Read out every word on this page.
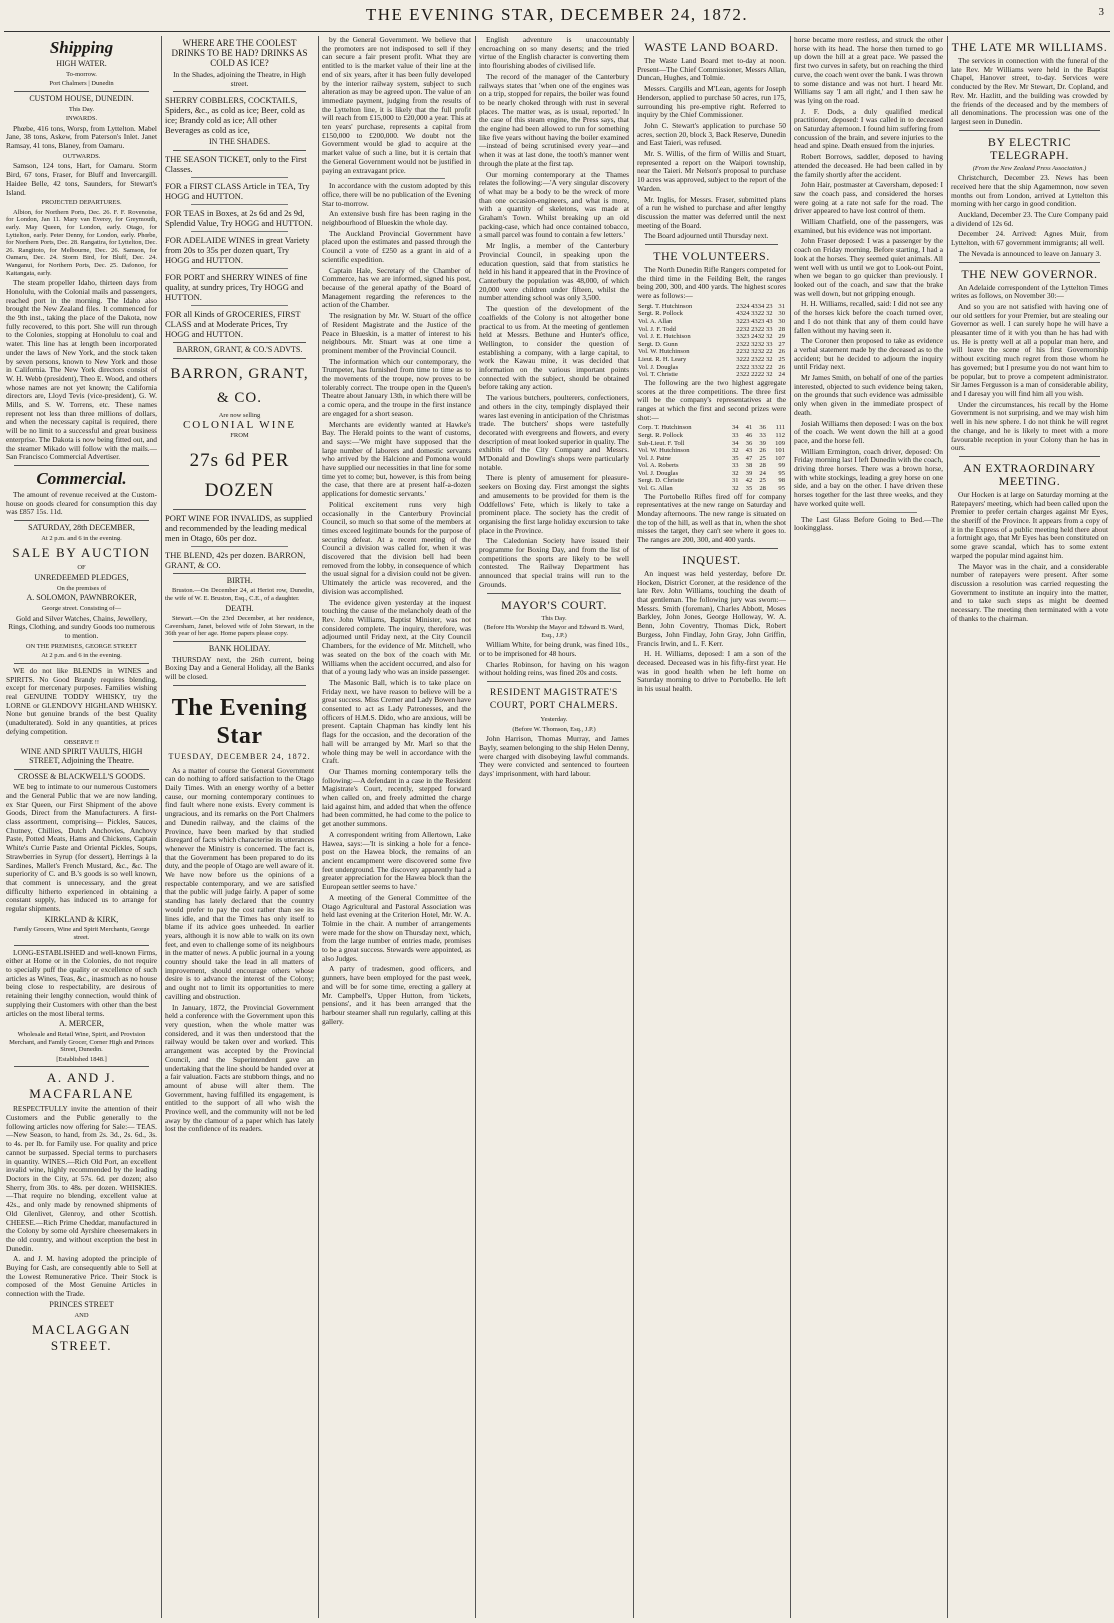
THE EVENING STAR, DECEMBER 24, 1872.	3
Shipping
HIGH WATER.
To-morrow.
Port Chalmers | Dunedin
CUSTOM HOUSE, DUNEDIN.
This Day.
INWARDS.

Phœbe, 416 tons, Worsp, from Lyttelton. Mabel Jane, 38 tons, Askew, from Paterson's Inlet. Janet Ramsay, 41 tons, Blaney, from Oamaru.

OUTWARDS.

Samson, 124 tons, Hart, for Oamaru. Storm Bird, 67 tons, Fraser, for Bluff and Invercargill. Haidee Belle, 42 tons, Saunders, for Stewart's Island.

PROJECTED DEPARTURES.

Albion, for Northern Ports, Dec. 26. F. F. Rovenoise, for London, Jan 11. Mary van Everey, for Greymouth, early. May Queen, for London, early. Otago, for Lyttelton, early. Peter Denny, for London, early. Phœbe, for Northern Ports, Dec. 28. Rangatira, for Lyttelton, Dec. 26. Rangitoto, for Melbourne, Dec. 26. Samson, for Oamaru, Dec. 24. Storm Bird, for Bluff, Dec. 24. Wanganui, for Northern Ports, Dec. 25. Dafonoo, for Kaitangata, early.

The steam propeller Idaho, thirteen days from Honolulu, with the Colonial mails and passengers, reached port in the morning. The Idaho also brought the New Zealand files. It commenced for the 9th inst., taking the place of the Dakota, now fully recovered, to this port. She will run through to the Colonies, stopping at Honolulu to coal and water. This line has at length been incorporated under the laws of New York, and the stock taken by seven persons, known to New York and those in California. The New York directors consist of W. H. Webb (president), Theo E. Wood, and others whose names are not yet known; the California directors are, Lloyd Tevis (vice-president), G. W. Mills, and S. W. Torrens, etc. These names represent not less than three millions of dollars, and when the necessary capital is required, there will be no limit to a successful and great business enterprise. The Dakota is now being fitted out, and the steamer Mikado will follow with the mails.—San Francisco Commercial Advertiser.

Commercial.

The amount of revenue received at the Custom-house on goods cleared for consumption this day was £857 15s. 11d.

SATURDAY, 28th DECEMBER,
At 2 p.m. and 6 in the evening.
SALE BY AUCTION
OF
UNREDEEMED PLEDGES,
On the premises of
A. SOLOMON, PAWNBROKER,
George street. Consisting of—

Gold and Silver Watches, Chains, Jewellery, Rings, Clothing, and sundry Goods too numerous to mention.

ON THE PREMISES, GEORGE STREET
At 2 p.m. and 6 in the evening.

WE do not like BLENDS in WINES and SPIRITS. No Good Brandy requires blending, except for mercenary purposes. Families wishing real GENUINE TODDY WHISKY, try the LORNE or GLENDOVY HIGHLAND WHISKY. None but genuine brands of the best Quality (unadulterated). Sold in any quantities, at prices defying competition.

OBSERVE !!
WINE AND SPIRIT VAULTS, HIGH STREET, Adjoining the Theatre.
CROSSE & BLACKWELL'S GOODS.

WE beg to intimate to our numerous Customers and the General Public that we are now landing, ex Star Queen, our First Shipment of the above Goods, Direct from the Manufacturers. A first-class assortment, comprising— Pickles, Sauces, Chutney, Chillies, Dutch Anchovies, Anchovy Paste, Potted Meats, Hams and Chickens, Captain White's Currie Paste and Oriental Pickles, Soups, Strawberries in Syrup (for dessert), Herrings à la Sardines, Mallet's French Mustard, &c., &c. The superiority of C. and B.'s goods is so well known, that comment is unnecessary, and the great difficulty hitherto experienced in obtaining a constant supply, has induced us to arrange for regular shipments.

KIRKLAND & KIRK,
Family Grocers, Wine and Spirit Merchants, George street.

LONG-ESTABLISHED and well-known Firms, either at Home or in the Colonies, do not require to specially puff the quality or excellence of such articles as Wines, Teas, &c., inasmuch as no house being close to respectability, are desirous of retaining their lengthy connection, would think of supplying their Customers with other than the best articles on the most liberal terms.

A. MERCER,
Wholesale and Retail Wine, Spirit, and Provision Merchant, and Family Grocer, Corner High and Princes Street, Dunedin.
[Established 1848.]
A. AND J. MACFARLANE

RESPECTFULLY invite the attention of their Customers and the Public generally to the following articles now offering for Sale:— TEAS.—New Season, to hand, from 2s. 3d., 2s. 6d., 3s. to 4s. per lb. for Family use. For quality and price cannot be surpassed. Special terms to purchasers in quantity. WINES.—Rich Old Port, an excellent invalid wine, highly recommended by the leading Doctors in the City, at 57s. 6d. per dozen; also Sherry, from 30s. to 48s. per dozen. WHISKIES.—That require no blending, excellent value at 42s., and only made by renowned shipments of Old Glenlivet, Glenroy, and other Scottish. CHEESE.—Rich Prime Cheddar, manufactured in the Colony by some old Ayrshire cheesemakers in the old country, and without exception the best in Dunedin.

A. and J. M. having adopted the principle of Buying for Cash, are consequently able to Sell at the Lowest Remunerative Price. Their Stock is composed of the Most Genuine Articles in connection with the Trade.

PRINCES STREET
AND
MACLAGGAN STREET.
WHERE ARE THE COOLEST DRINKS TO BE HAD? DRINKS AS COLD AS ICE?

In the Shades, adjoining the Theatre, in High street.

SHERRY COBBLERS, COCKTAILS, Spiders, &c., as cold as ice; Beer, cold as ice; Brandy cold as ice; All other Beverages as cold as ice,
IN THE SHADES.
THE SEASON TICKET, only to the First Classes.
FOR a FIRST CLASS Article in TEA, Try HOGG and HUTTON.
FOR TEAS in Boxes, at 2s 6d and 2s 9d, Splendid Value, Try HOGG and HUTTON.
FOR ADELAIDE WINES in great Variety from 20s to 35s per dozen quart, Try HOGG and HUTTON.
FOR PORT and SHERRY WINES of fine quality, at sundry prices, Try HOGG and HUTTON.
FOR all Kinds of GROCERIES, FIRST CLASS and at Moderate Prices, Try HOGG and HUTTON.
BARRON, GRANT, & CO.'S ADVTS.
BARRON, GRANT, & CO.
Are now selling
COLONIAL WINE
FROM
27s 6d PER DOZEN
PORT WINE FOR INVALIDS, as supplied and recommended by the leading medical men in Otago, 60s per doz.
THE BLEND, 42s per dozen. BARRON, GRANT, & CO.
BIRTH.

Bruston.—On December 24, at Heriot row, Dunedin, the wife of W. E. Bruston, Esq., C.E., of a daughter.

DEATH.

Stewart.—On the 23rd December, at her residence, Caversham, Janet, beloved wife of John Stewart, in the 36th year of her age. Home papers please copy.

BANK HOLIDAY.

THURSDAY next, the 26th current, being Boxing Day and a General Holiday, all the Banks will be closed.

The Evening Star
TUESDAY, DECEMBER 24, 1872.

As a matter of course the General Government can do nothing to afford satisfaction to the Otago Daily Times. With an energy worthy of a better cause, our morning contemporary continues to find fault where none exists. Every comment is ungracious, and its remarks on the Port Chalmers and Dunedin railway, and the claims of the Province, have been marked by that studied disregard of facts which characterise its utterances whenever the Ministry is concerned. The fact is, that the Government has been prepared to do its duty, and the people of Otago are well aware of it. We have now before us the opinions of a respectable contemporary, and we are satisfied that the public will judge fairly. A paper of some standing has lately declared that the country would prefer to pay the cost rather than see its lines idle, and that the Times has only itself to blame if its advice goes unheeded. In earlier years, although it is now able to walk on its own feet, and even to challenge some of its neighbours in the matter of news. A public journal in a young country should take the lead in all matters of improvement, should encourage others whose desire is to advance the interest of the Colony; and ought not to limit its opportunities to mere cavilling and obstruction.

In January, 1872, the Provincial Government held a conference with the Government upon this very question, when the whole matter was considered, and it was then understood that the railway would be taken over and worked. This arrangement was accepted by the Provincial Council, and the Superintendent gave an undertaking that the line should be handed over at a fair valuation. Facts are stubborn things, and no amount of abuse will alter them. The Government, having fulfilled its engagement, is entitled to the support of all who wish the Province well, and the community will not be led away by the clamour of a paper which has lately lost the confidence of its readers.

by the General Government. We believe that the promoters are not indisposed to sell if they can secure a fair present profit. What they are entitled to is the market value of their line at the end of six years, after it has been fully developed by the interior railway system, subject to such alteration as may be agreed upon. The value of an immediate payment, judging from the results of the Lyttelton line, it is likely that the full profit will reach from £15,000 to £20,000 a year. This at ten years' purchase, represents a capital from £150,000 to £200,000. We doubt not the Government would be glad to acquire at the market value of such a line, but it is certain that the General Government would not be justified in paying an extravagant price.

In accordance with the custom adopted by this office, there will be no publication of the Evening Star to-morrow.

An extensive bush fire has been raging in the neighbourhood of Blueskin the whole day.

The Auckland Provincial Government have placed upon the estimates and passed through the Council a vote of £250 as a grant in aid of a scientific expedition.

Captain Hale, Secretary of the Chamber of Commerce, has we are informed, signed his post, because of the general apathy of the Board of Management regarding the references to the action of the Chamber.

The resignation by Mr. W. Stuart of the office of Resident Magistrate and the Justice of the Peace in Blueskin, is a matter of interest to his neighbours. Mr. Stuart was at one time a prominent member of the Provincial Council.

The information which our contemporary, the Trumpeter, has furnished from time to time as to the movements of the troupe, now proves to be tolerably correct. The troupe open in the Queen's Theatre about January 13th, in which there will be a comic opera, and the troupe in the first instance are engaged for a short season.

Merchants are evidently wanted at Hawke's Bay. The Herald points to the want of customs, and says:—'We might have supposed that the large number of laborers and domestic servants who arrived by the Halcione and Pomona would have supplied our necessities in that line for some time yet to come; but, however, is this from being the case, that there are at present half-a-dozen applications for domestic servants.'

Political excitement runs very high occasionally in the Canterbury Provincial Council, so much so that some of the members at times exceed legitimate bounds for the purpose of securing defeat. At a recent meeting of the Council a division was called for, when it was discovered that the division bell had been removed from the lobby, in consequence of which the usual signal for a division could not be given. Ultimately the article was recovered, and the division was accomplished.

The evidence given yesterday at the inquest touching the cause of the melancholy death of the Rev. John Williams, Baptist Minister, was not considered complete. The inquiry, therefore, was adjourned until Friday next, at the City Council Chambers, for the evidence of Mr. Mitchell, who was seated on the box of the coach with Mr. Williams when the accident occurred, and also for that of a young lady who was an inside passenger.

The Masonic Ball, which is to take place on Friday next, we have reason to believe will be a great success. Miss Cremer and Lady Bowen have consented to act as Lady Patronesses, and the officers of H.M.S. Dido, who are anxious, will be present. Captain Chapman has kindly lent his flags for the occasion, and the decoration of the hall will be arranged by Mr. Marl so that the whole thing may be well in accordance with the Craft.

Our Thames morning contemporary tells the following:—A defendant in a case in the Resident Magistrate's Court, recently, stepped forward when called on, and freely admitted the charge laid against him, and added that when the offence had been committed, he had come to the police to get another summons.

A correspondent writing from Allertown, Lake Hawea, says:—'It is sinking a hole for a fence-post on the Hawea block, the remains of an ancient encampment were discovered some five feet underground. The discovery apparently had a greater appreciation for the Hawea block than the European settler seems to have.'

A meeting of the General Committee of the Otago Agricultural and Pastoral Association was held last evening at the Criterion Hotel, Mr. W. A. Tolmie in the chair. A number of arrangements were made for the show on Thursday next, which, from the large number of entries made, promises to be a great success. Stewards were appointed, as also Judges.

A party of tradesmen, good officers, and gunners, have been employed for the past week, and will be for some time, erecting a gallery at Mr. Campbell's, Upper Hutton, from 'tickets, pensions', and it has been arranged that the harbour steamer shall run regularly, calling at this gallery.

English adventure is unaccountably encroaching on so many deserts; and the tried virtue of the English character is converting them into flourishing abodes of civilised life.

The record of the manager of the Canterbury railways states that 'when one of the engines was on a trip, stopped for repairs, the boiler was found to be nearly choked through with rust in several places. The matter was, as is usual, reported.' In the case of this steam engine, the Press says, that the engine had been allowed to run for something like five years without having the boiler examined—instead of being scrutinised every year—and when it was at last done, the tooth's manner went through the plate at the first tap.

Our morning contemporary at the Thames relates the following:—'A very singular discovery of what may be a body to be the wreck of more than one occasion-engineers, and what is more, with a quantity of skeletons, was made at Graham's Town. Whilst breaking up an old packing-case, which had once contained tobacco, a small parcel was found to contain a few letters.'

Mr Inglis, a member of the Canterbury Provincial Council, in speaking upon the education question, said that from statistics he held in his hand it appeared that in the Province of Canterbury the population was 48,000, of which 20,000 were children under fifteen, whilst the number attending school was only 3,500.

The question of the development of the coalfields of the Colony is not altogether bone practical to us from. At the meeting of gentlemen held at Messrs. Bethune and Hunter's office, Wellington, to consider the question of establishing a company, with a large capital, to work the Kawau mine, it was decided that information on the various important points connected with the subject, should be obtained before taking any action.

The various butchers, poulterers, confectioners, and others in the city, tempingly displayed their wares last evening in anticipation of the Christmas trade. The butchers' shops were tastefully decorated with evergreens and flowers, and every description of meat looked superior in quality. The exhibits of the City Company and Messrs. M'Donald and Dowling's shops were particularly notable.

There is plenty of amusement for pleasure-seekers on Boxing day. First amongst the sights and amusements to be provided for them is the Oddfellows' Fete, which is likely to take a prominent place. The society has the credit of organising the first large holiday excursion to take place in the Province.

The Caledonian Society have issued their programme for Boxing Day, and from the list of competitions the sports are likely to be well contested. The Railway Department has announced that special trains will run to the Grounds.

MAYOR'S COURT.
This Day.
(Before His Worship the Mayor and Edward B. Ward, Esq., J.P.)

William White, for being drunk, was fined 10s., or to be imprisoned for 48 hours.

Charles Robinson, for having on his wagon without holding reins, was fined 20s and costs.

RESIDENT MAGISTRATE'S COURT, PORT CHALMERS.
Yesterday.
(Before W. Thomson, Esq., J.P.)

John Harrison, Thomas Murray, and James Bayly, seamen belonging to the ship Helen Denny, were charged with disobeying lawful commands. They were convicted and sentenced to fourteen days' imprisonment, with hard labour.

WASTE LAND BOARD.

The Waste Land Board met to-day at noon. Present—The Chief Commissioner, Messrs Allan, Duncan, Hughes, and Tolmie.

Messrs. Cargills and M'Lean, agents for Joseph Henderson, applied to purchase 50 acres, run 175, surrounding his pre-emptive right. Referred to inquiry by the Chief Commissioner.

John C. Stewart's application to purchase 50 acres, section 20, block 3, Back Reserve, Dunedin and East Taieri, was refused.

Mr. S. Willis, of the firm of Willis and Stuart, represented a report on the Waipori township, near the Taieri. Mr Nelson's proposal to purchase 10 acres was approved, subject to the report of the Warden.

Mr. Inglis, for Messrs. Fraser, submitted plans of a run he wished to purchase and after lengthy discussion the matter was deferred until the next meeting of the Board.

The Board adjourned until Thursday next.

THE VOLUNTEERS.

The North Dunedin Rifle Rangers competed for the third time in the Feilding Belt, the ranges being 200, 300, and 400 yards. The highest scores were as follows:—

Sergt. T. Hutchinson	2324 4334 23	31
Sergt. R. Pollock	4324 3322 32	30
Vol. A. Allan	3223 4323 43	30
Vol. J. F. Todd	2232 2322 33	28
Vol. J. E. Hutchison	3323 2432 32	29
Sergt. D. Gunn	2322 3232 33	27
Vol. W. Hutchinson	2232 3232 22	26
Lieut. R. H. Leary	3222 2322 32	25
Vol. J. Douglas	2322 3332 22	26
Vol. T. Christie	2322 2222 32	24

The following are the two highest aggregate scores at the three competitions. The three first will be the company's representatives at the ranges at which the first and second prizes were shot:—

Corp. T. Hutchinson	34	41	36	111
Sergt. R. Pollock	33	46	33	112
Sub-Lieut. F. Toll	34	36	39	109
Vol. W. Hutchinson	32	43	26	101
Vol. J. Paine	35	47	25	107
Vol. A. Roberts	33	38	28	99
Vol. J. Douglas	32	39	24	95
Sergt. D. Christie	31	42	25	98
Vol. G. Allan	32	35	28	95

The Portobello Rifles fired off for company representatives at the new range on Saturday and Monday afternoons. The new range is situated on the top of the hill, as well as that in, when the shot misses the target, they can't see where it goes to. The ranges are 200, 300, and 400 yards.

INQUEST.

An inquest was held yesterday, before Dr. Hocken, District Coroner, at the residence of the late Rev. John Williams, touching the death of that gentleman. The following jury was sworn:—Messrs. Smith (foreman), Charles Abbott, Moses Barkley, John Jones, George Holloway, W. A. Benn, John Coventry, Thomas Dick, Robert Burgess, John Findlay, John Gray, John Griffin, Francis Irwin, and L. F. Kerr.

H. H. Williams, deposed: I am a son of the deceased. Deceased was in his fifty-first year. He was in good health when he left home on Saturday morning to drive to Portobello. He left in his usual health.

horse became more restless, and struck the other horse with its head. The horse then turned to go up down the hill at a great pace. We passed the first two curves in safety, but on reaching the third curve, the coach went over the bank. I was thrown to some distance and was not hurt. I heard Mr. Williams say 'I am all right,' and I then saw he was lying on the road.

J. F. Dods, a duly qualified medical practitioner, deposed: I was called in to deceased on Saturday afternoon. I found him suffering from concussion of the brain, and severe injuries to the head and spine. Death ensued from the injuries.

Robert Borrows, saddler, deposed to having attended the deceased. He had been called in by the family shortly after the accident.

John Hair, postmaster at Caversham, deposed: I saw the coach pass, and considered the horses were going at a rate not safe for the road. The driver appeared to have lost control of them.

William Chatfield, one of the passengers, was examined, but his evidence was not important.

John Fraser deposed: I was a passenger by the coach on Friday morning. Before starting, I had a look at the horses. They seemed quiet animals. All went well with us until we got to Look-out Point, when we began to go quicker than previously. I looked out of the coach, and saw that the brake was well down, but not gripping enough.

H. H. Williams, recalled, said: I did not see any of the horses kick before the coach turned over, and I do not think that any of them could have fallen without my having seen it.

The Coroner then proposed to take as evidence a verbal statement made by the deceased as to the accident; but he decided to adjourn the inquiry until Friday next.

Mr James Smith, on behalf of one of the parties interested, objected to such evidence being taken, on the grounds that such evidence was admissible only when given in the immediate prospect of death.

Josiah Williams then deposed: I was on the box of the coach. We went down the hill at a good pace, and the horse fell.

William Ermington, coach driver, deposed: On Friday morning last I left Dunedin with the coach, driving three horses. There was a brown horse, with white stockings, leading a grey horse on one side, and a bay on the other. I have driven these horses together for the last three weeks, and they have worked quite well.

The Last Glass Before Going to Bed.—The lookingglass.

THE LATE MR WILLIAMS.

The services in connection with the funeral of the late Rev. Mr Williams were held in the Baptist Chapel, Hanover street, to-day. Services were conducted by the Rev. Mr Stewart, Dr. Copland, and Rev. Mr. Hazlitt, and the building was crowded by the friends of the deceased and by the members of all denominations. The procession was one of the largest seen in Dunedin.

BY ELECTRIC TELEGRAPH.
(From the New Zealand Press Association.)

Christchurch, December 23. News has been received here that the ship Agamemnon, now seven months out from London, arrived at Lyttelton this morning with her cargo in good condition.

Auckland, December 23. The Cure Company paid a dividend of 12s 6d.

December 24. Arrived: Agnes Muir, from Lyttelton, with 67 government immigrants; all well.

The Nevada is announced to leave on January 3.

THE NEW GOVERNOR.

An Adelaide correspondent of the Lyttelton Times writes as follows, on November 30:—

And so you are not satisfied with having one of our old settlers for your Premier, but are stealing our Governor as well. I can surely hope he will have a pleasanter time of it with you than he has had with us. He is pretty well at all a popular man here, and will leave the scene of his first Governorship without exciting much regret from those whom he has governed; but I presume you do not want him to be popular, but to prove a competent administrator. Sir James Fergusson is a man of considerable ability, and I daresay you will find him all you wish.

Under the circumstances, his recall by the Home Government is not surprising, and we may wish him well in his new sphere. I do not think he will regret the change, and he is likely to meet with a more favourable reception in your Colony than he has in ours.

AN EXTRAORDINARY MEETING.

Our Hocken is at large on Saturday morning at the Ratepayers' meeting, which had been called upon the Premier to prefer certain charges against Mr Eyes, the sheriff of the Province. It appears from a copy of it in the Express of a public meeting held there about a fortnight ago, that Mr Eyes has been constituted on some grave scandal, which has to some extent warped the popular mind against him.

The Mayor was in the chair, and a considerable number of ratepayers were present. After some discussion a resolution was carried requesting the Government to institute an inquiry into the matter, and to take such steps as might be deemed necessary. The meeting then terminated with a vote of thanks to the chairman.
